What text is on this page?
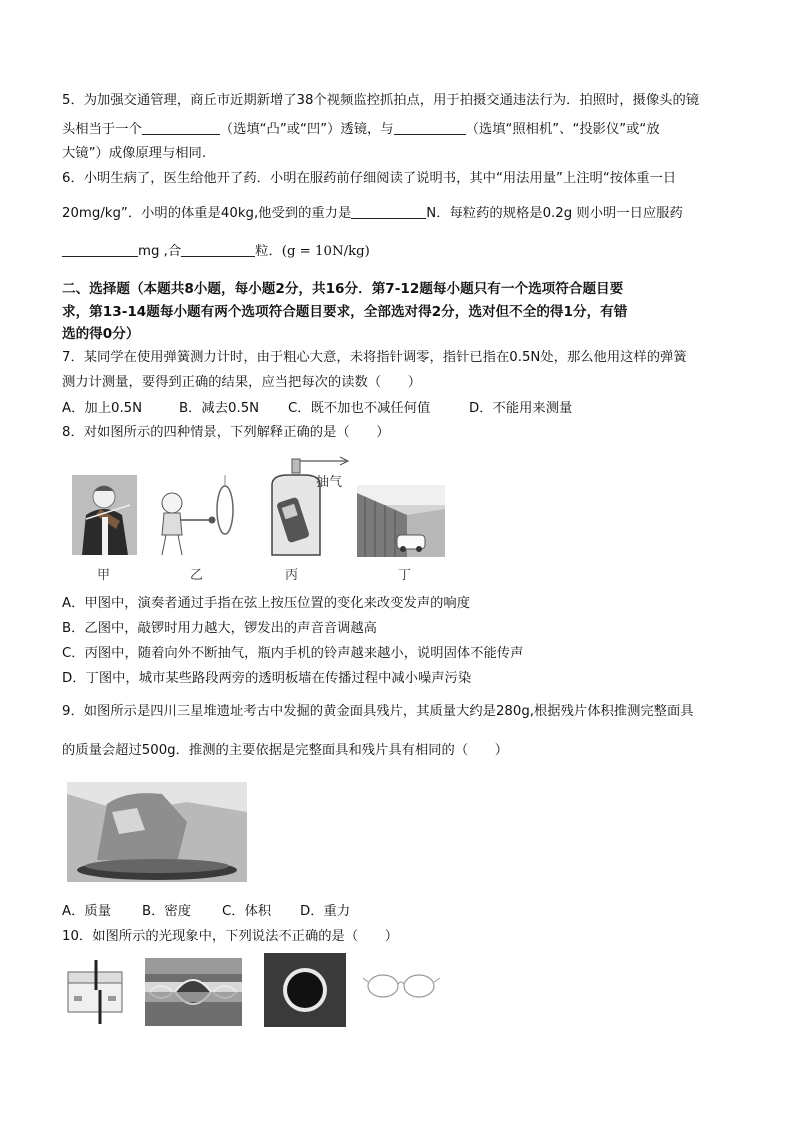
5．为加强交通管理，商丘市近期新增了38个视频监控抓拍点，用于拍摄交通违法行为．拍照时，摄像头的镜
头相当于一个	（选填“凸”或“凹”）透镜，与	（选填“照相机”、“投影仪”或“放
大镜”）成像原理与相同.
6．小明生病了，医生给他开了药．小明在服药前仔细阅读了说明书，其中“用法用量”上注明“按体重一日
20mg/kg”．小明的体重是40kg,他受到的重力是	N．每粒药的规格是0.2g 则小明一日应服药
mg ,合	粒．(g = 10N/kg)
二、选择题（本题共8小题，每小题2分，共16分．第7-12题每小题只有一个选项符合题目要
求，第13-14题每小题有两个选项符合题目要求，全部选对得2分，选对但不全的得1分，有错
选的得0分）
7．某同学在使用弹簧测力计时，由于粗心大意，未将指针调零，指针已指在0.5N处，那么他用这样的弹簧
测力计测量，要得到正确的结果，应当把每次的读数（　　）
A．加上0.5N	B．减去0.5N C．既不加也不减任何值	D．不能用来测量
8．对如图所示的四种情景，下列解释正确的是（　　）
甲	乙
抽气
丙	丁
A．甲图中，演奏者通过手指在弦上按压位置的变化来改变发声的响度
B．乙图中，敲锣时用力越大，锣发出的声音音调越高
C．丙图中，随着向外不断抽气，瓶内手机的铃声越来越小，说明固体不能传声
D．丁图中，城市某些路段两旁的透明板墙在传播过程中减小噪声污染
9．如图所示是四川三星堆遗址考古中发掘的黄金面具残片，其质量大约是280g,根据残片体积推测完整面具
的质量会超过500g．推测的主要依据是完整面具和残片具有相同的（　　）
A．质量 B．密度 C．体积 D．重力
10．如图所示的光现象中，下列说法不正确的是（　　）
